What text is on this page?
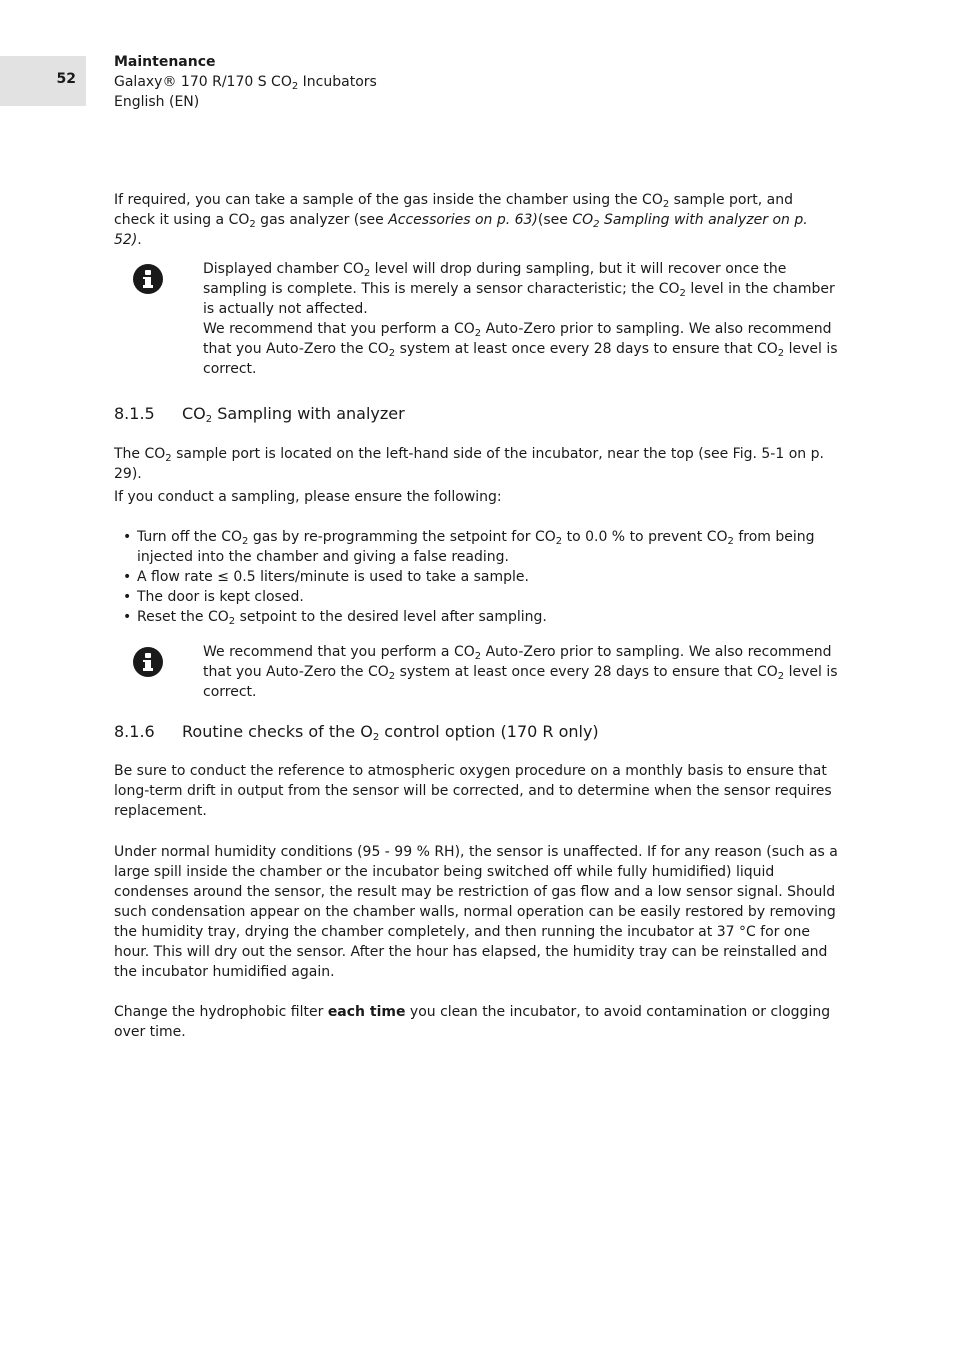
52
Maintenance
Galaxy® 170 R/170 S $CO_2$ Incubators
English (EN)

If required, you can take a sample of the gas inside the chamber using the $CO_2$ sample port, and check it using a $CO_2$ gas analyzer (see Accessories on p. 63)(see $CO_2$ Sampling with analyzer on p. 52).

Displayed chamber $CO_2$ level will drop during sampling, but it will recover once the sampling is complete. This is merely a sensor characteristic; the $CO_2$ level in the chamber is actually not affected.

We recommend that you perform a $CO_2$ Auto-Zero prior to sampling. We also recommend that you Auto-Zero the $CO_2$ system at least once every 28 days to ensure that $CO_2$ level is correct.

8.1.5 $CO_2$ Sampling with analyzer

The $CO_2$ sample port is located on the left-hand side of the incubator, near the top (see Fig. 5-1 on p. 29).

If you conduct a sampling, please ensure the following:

• Turn off the $CO_2$ gas by re-programming the setpoint for $CO_2$ to 0.0 % to prevent $CO_2$ from being injected into the chamber and giving a false reading.
• A flow rate ≤ 0.5 liters/minute is used to take a sample.
• The door is kept closed.
• Reset the $CO_2$ setpoint to the desired level after sampling.

We recommend that you perform a $CO_2$ Auto-Zero prior to sampling. We also recommend that you Auto-Zero the $CO_2$ system at least once every 28 days to ensure that $CO_2$ level is correct.

8.1.6 Routine checks of the $O_2$ control option (170 R only)

Be sure to conduct the reference to atmospheric oxygen procedure on a monthly basis to ensure that long-term drift in output from the sensor will be corrected, and to determine when the sensor requires replacement.

Under normal humidity conditions (95 - 99 % RH), the sensor is unaffected. If for any reason (such as a large spill inside the chamber or the incubator being switched off while fully humidified) liquid condenses around the sensor, the result may be restriction of gas flow and a low sensor signal. Should such condensation appear on the chamber walls, normal operation can be easily restored by removing the humidity tray, drying the chamber completely, and then running the incubator at 37 °C for one hour. This will dry out the sensor. After the hour has elapsed, the humidity tray can be reinstalled and the incubator humidified again.

Change the hydrophobic filter each time you clean the incubator, to avoid contamination or clogging over time.
